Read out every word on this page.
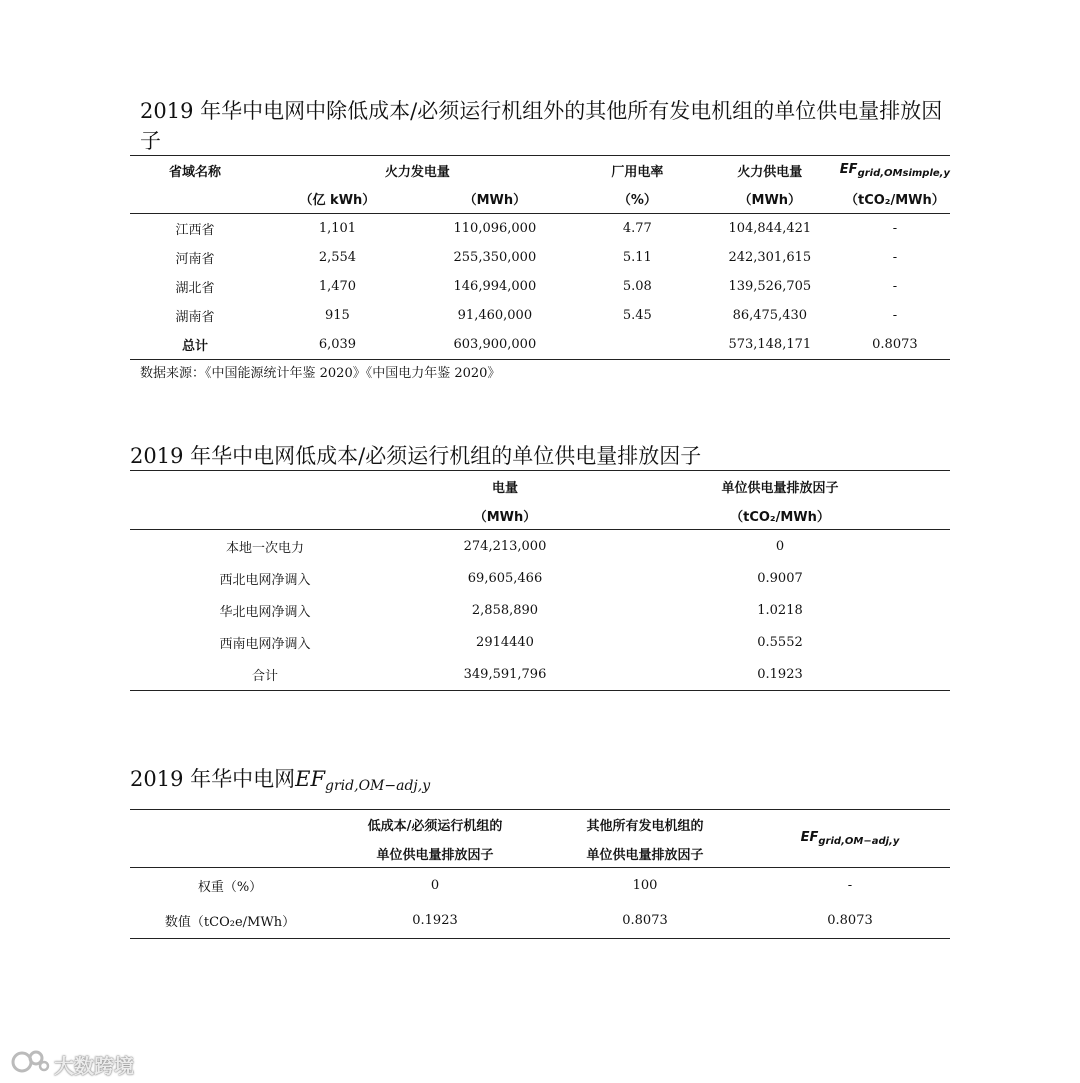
2019 年华中电网中除低成本/必须运行机组外的其他所有发电机组的单位供电量排放因子
省域名称	火力发电量		厂用电率	火力供电量	$EF_{grid,OMsimple,y}$
	（亿 kWh）	（MWh）	（%）	（MWh）	（tCO₂/MWh）
江西省	1,101	110,096,000	4.77	104,844,421	-
河南省	2,554	255,350,000	5.11	242,301,615	-
湖北省	1,470	146,994,000	5.08	139,526,705	-
湖南省	915	91,460,000	5.45	86,475,430	-
总计	6,039	603,900,000		573,148,171	0.8073
数据来源：《中国能源统计年鉴 2020》《中国电力年鉴 2020》
2019 年华中电网低成本/必须运行机组的单位供电量排放因子
	电量	单位供电量排放因子
	（MWh）	（tCO₂/MWh）
本地一次电力	274,213,000	0
西北电网净调入	69,605,466	0.9007
华北电网净调入	2,858,890	1.0218
西南电网净调入	2914440	0.5552
合计	349,591,796	0.1923
2019 年华中电网$EF_{grid,OM-adj,y}$
	低成本/必须运行机组的	其他所有发电机组的	$EF_{grid,OM-adj,y}$
	单位供电量排放因子	单位供电量排放因子	
权重（%）	0	100	-
数值（tCO₂e/MWh）	0.1923	0.8073	0.8073
大数跨境
